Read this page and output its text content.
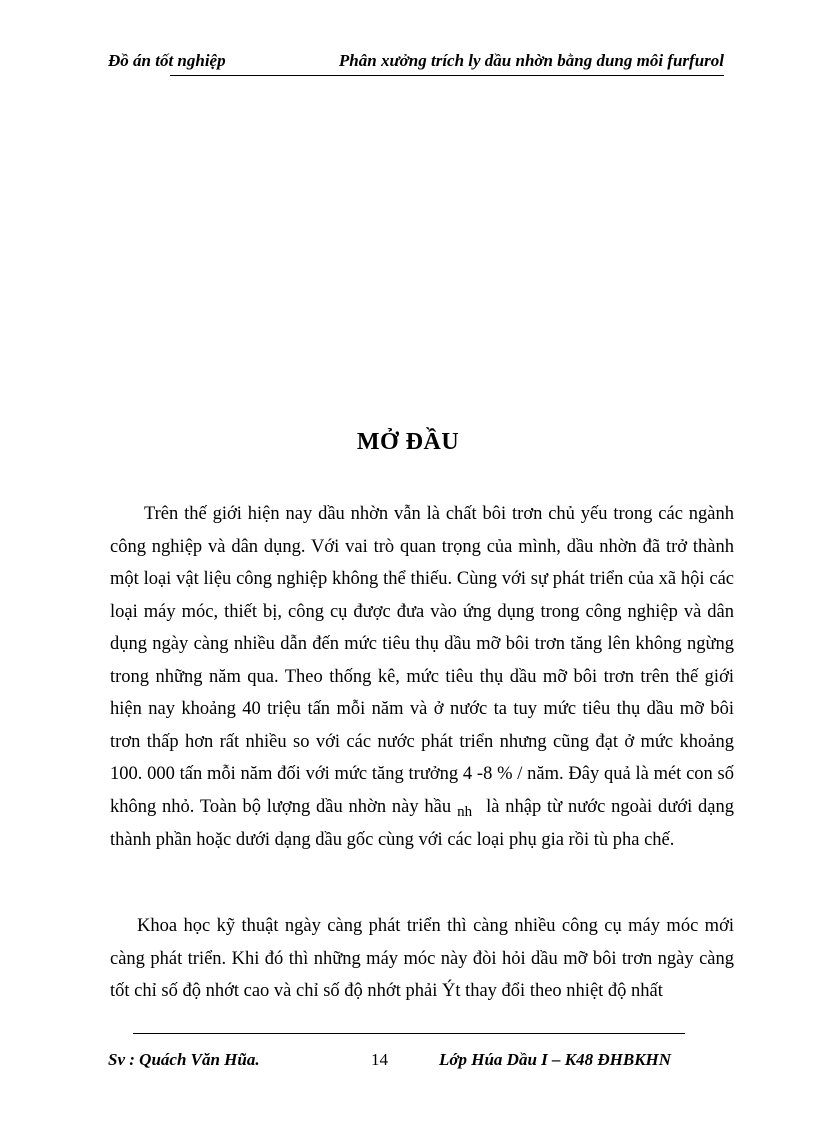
Đồ án tốt nghiệp	Phân xưởng trích ly dầu nhờn bằng dung môi furfurol
MỞ ĐẦU

Trên thế giới hiện nay dầu nhờn vẫn là chất bôi trơn chủ yếu trong các ngành công nghiệp và dân dụng. Với vai trò quan trọng của mình, dầu nhờn đã trở thành một loại vật liệu công nghiệp không thể thiếu. Cùng với sự phát triển của xã hội các loại máy móc, thiết bị, công cụ được đưa vào ứng dụng trong công nghiệp và dân dụng ngày càng nhiều dẫn đến mức tiêu thụ dầu mỡ bôi trơn tăng lên không ngừng trong những năm qua. Theo thống kê, mức tiêu thụ dầu mỡ bôi trơn trên thế giới hiện nay khoảng 40 triệu tấn mỗi năm và ở nước ta tuy mức tiêu thụ dầu mỡ bôi trơn thấp hơn rất nhiều so với các nước phát triển nhưng cũng đạt ở mức khoảng 100. 000 tấn mỗi năm đối với mức tăng trưởng 4 -8 % / năm. Đây quả là mét con số không nhỏ. Toàn bộ lượng dầu nhờn này hầu $_{nh}$ là nhập từ nước ngoài dưới dạng thành phần hoặc dưới dạng dầu gốc cùng với các loại phụ gia rồi tù pha chế.

Khoa học kỹ thuật ngày càng phát triển thì càng nhiều công cụ máy móc mới càng phát triển. Khi đó thì những máy móc này đòi hỏi dầu mỡ bôi trơn ngày càng tốt chỉ số độ nhớt cao và chỉ số độ nhớt phải Ýt thay đổi theo nhiệt độ nhất

Sv : Quách Văn Hũa.	14	Lớp Húa Dầu I – K48 ĐHBKHN
